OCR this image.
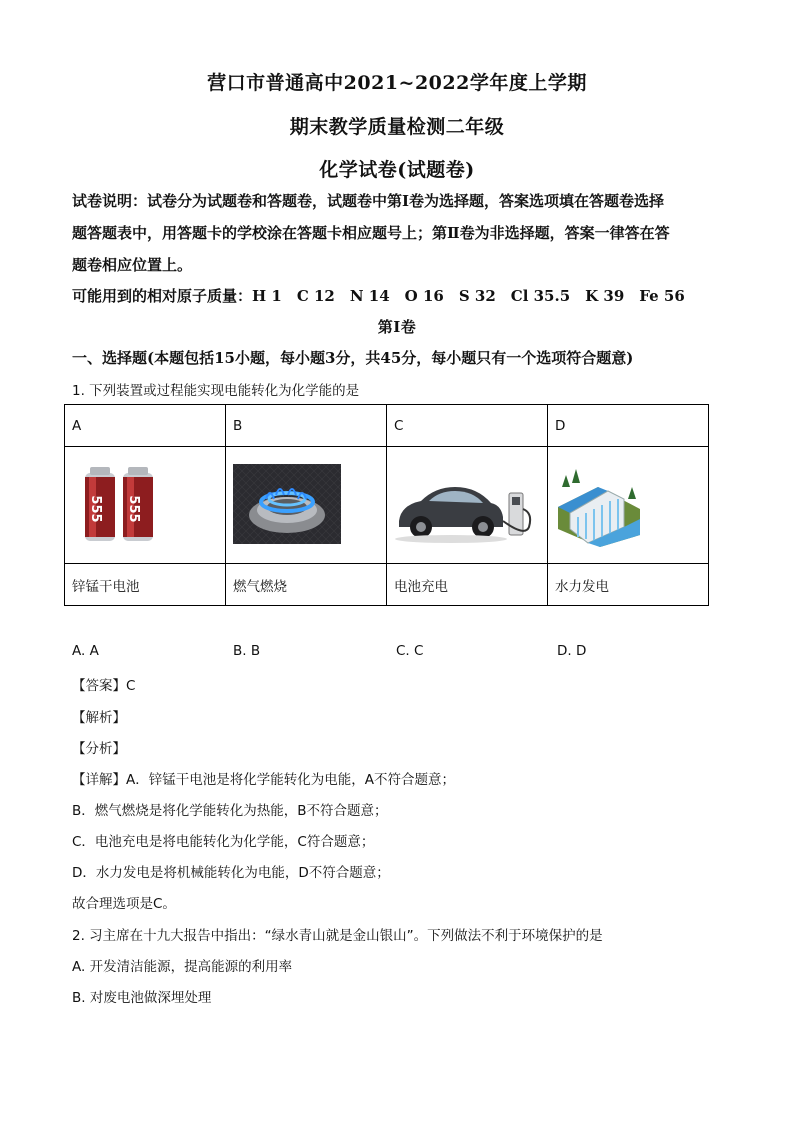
营口市普通高中2021~2022学年度上学期
期末教学质量检测二年级
化学试卷(试题卷)
试卷说明：试卷分为试题卷和答题卷，试题卷中第Ⅰ卷为选择题，答案选项填在答题卷选择
题答题表中，用答题卡的学校涂在答题卡相应题号上；第Ⅱ卷为非选择题，答案一律答在答
题卷相应位置上。
可能用到的相对原子质量：H 1　C 12　N 14　O 16　S 32　Cl 35.5　K 39　Fe 56
第Ⅰ卷
一、选择题(本题包括15小题，每小题3分，共45分，每小题只有一个选项符合题意)
1. 下列装置或过程能实现电能转化为化学能的是
A	B	C	D

555 555

锌锰干电池	燃气燃烧	电池充电	水力发电
A. A	B. B	C. C	D. D
【答案】C
【解析】
【分析】
【详解】A．锌锰干电池是将化学能转化为电能，A不符合题意；
B．燃气燃烧是将化学能转化为热能，B不符合题意；
C．电池充电是将电能转化为化学能，C符合题意；
D．水力发电是将机械能转化为电能，D不符合题意；
故合理选项是C。
2. 习主席在十九大报告中指出：“绿水青山就是金山银山”。下列做法不利于环境保护的是
A. 开发清洁能源，提高能源的利用率
B. 对废电池做深埋处理
